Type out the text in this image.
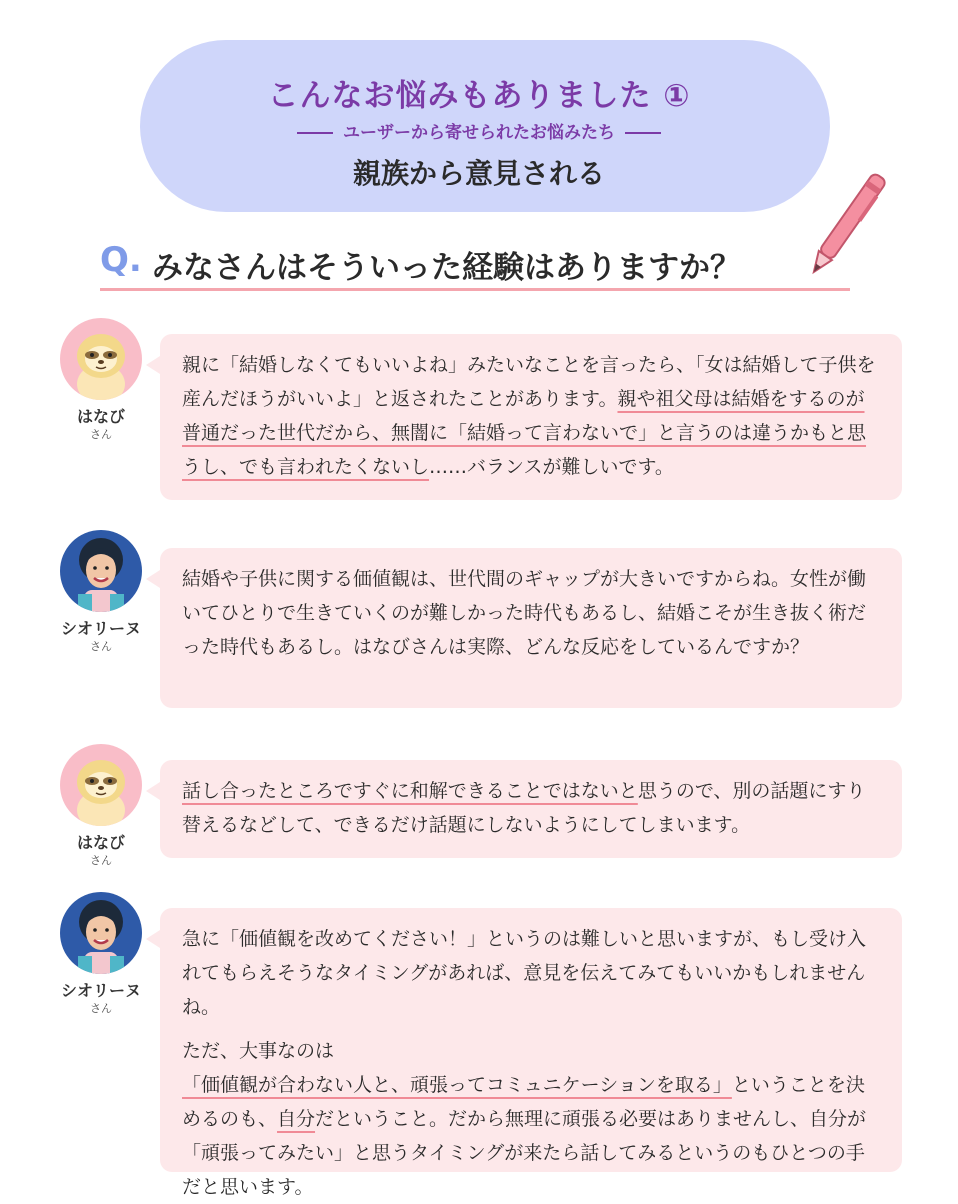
こんなお悩みもありました ①
ユーザーから寄せられたお悩みたち
親族から意見される
Q. みなさんはそういった経験はありますか？
はなび
さん

親に「結婚しなくてもいいよね」みたいなことを言ったら、「女は結婚して子供を産んだほうがいいよ」と返されたことがあります。親や祖父母は結婚をするのが普通だった世代だから、無闇に「結婚って言わないで」と言うのは違うかもと思うし、でも言われたくないし……バランスが難しいです。

シオリーヌ
さん

結婚や子供に関する価値観は、世代間のギャップが大きいですからね。女性が働いてひとりで生きていくのが難しかった時代もあるし、結婚こそが生き抜く術だった時代もあるし。はなびさんは実際、どんな反応をしているんですか？

はなび
さん

話し合ったところですぐに和解できることではないと思うので、別の話題にすり替えるなどして、できるだけ話題にしないようにしてしまいます。

シオリーヌ
さん

急に「価値観を改めてください！」というのは難しいと思いますが、もし受け入れてもらえそうなタイミングがあれば、意見を伝えてみてもいいかもしれませんね。

ただ、大事なのは「価値観が合わない人と、頑張ってコミュニケーションを取る」ということを決めるのも、自分だということ。だから無理に頑張る必要はありませんし、自分が「頑張ってみたい」と思うタイミングが来たら話してみるというのもひとつの手だと思います。
